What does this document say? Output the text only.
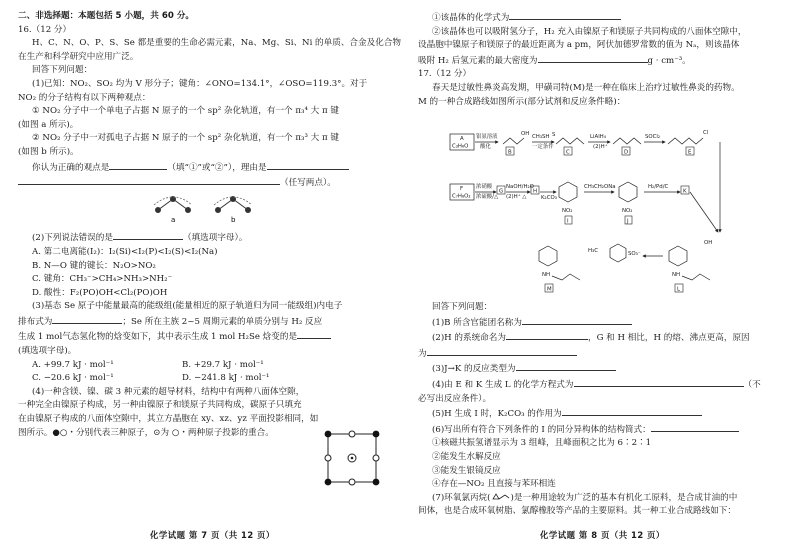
二、非选择题：本题包括 5 小题，共 60 分。

16.（12 分）

H、C、N、O、P、S、Se 都是重要的生命必需元素，Na、Mg、Si、Ni 的单质、合金及化合物

在生产和科学研究中应用广泛。

回答下列问题：

(1)已知：NO₂、SO₂ 均为 V 形分子；键角：∠ONO=134.1°，∠OSO=119.3°。对于

NO₂ 的分子结构有以下两种观点：

① NO₂ 分子中一个单电子占据 N 原子的一个 sp² 杂化轨道，有一个 π₃⁴ 大 π 键

(如图 a 所示)。

② NO₂ 分子中一对孤电子占据 N 原子的一个 sp² 杂化轨道，有一个 π₃³ 大 π 键

(如图 b 所示)。

你认为正确的观点是	（填“①”或“②”），理由是

（任写两点）。

a	b

(2)下列说法错误的是	（填选项字母）。

A. 第二电离能(I₂)：I₂(Si)<I₂(P)<I₂(S)<I₂(Na)

B. N—O 键的键长：N₂O>NO₂

C. 键角：CH₃⁻>CH₄>NH₃>NH₂⁻

D. 酸性：F₂(PO)OH<Cl₂(PO)OH

(3)基态 Se 原子中能量最高的能级组(能量相近的原子轨道归为同一能级组)内电子

排布式为	；Se 所在主族 2~5 周期元素的单质分别与 H₂ 反应

生成 1 mol气态氢化物的焓变如下，其中表示生成 1 mol H₂Se 焓变的是

(填选项字母)。

A. +99.7 kJ · mol⁻¹	B. +29.7 kJ · mol⁻¹
C. −20.6 kJ · mol⁻¹	D. −241.8 kJ · mol⁻¹

(4)一种含镁、镍、碳 3 种元素的超导材料，结构中有两种八面体空隙，

一种完全由镍原子构成，另一种由镍原子和镁原子共同构成，碳原子只填充

在由镍原子构成的八面体空隙中，其立方晶胞在 xy、xz、yz 平面投影相同，如

图所示。●○・分别代表三种原子，⊙为 ○・两种原子投影的重合。

化学试题 第 7 页（共 12 页）

①该晶体的化学式为

②该晶体也可以吸附氢分子，H₂ 充入由镍原子和镁原子共同构成的八面体空隙中，

设晶胞中镍原子和镁原子的最近距离为 a pm，阿伏加德罗常数的值为 Nₐ，则该晶体

吸附 H₂ 后氢元素的最大密度为	g · cm⁻³。

17.（12 分）

春天是过敏性鼻炎高发期，甲磺司特(M)是一种在临床上治疗过敏性鼻炎的药物。

M 的一种合成路线如图所示(部分试剂和反应条件略)：

A
C₃H₆O
银氨溶液
酸化
OH
B
CH₃SH
一定条件
S
C
LiAlH₄
(2)H⁺
D
SOCl₂
Cl
E
F
C₇H₈O₂
浓硝酸
浓硫酸/△
G
NaOH/H₂O
(2)H⁺ △
H
K₂CO₃
NO₂
I
CH₃CH₂ONa
NO₂
J
H₂/Pd/C
K
NH
M
H₃C	SO₃⁻
NH
OH
L

回答下列问题：

(1)B 所含官能团名称为

(2)H 的系统命名为	，G 和 H 相比，H 的熔、沸点更高，原因

为

(3)J→K 的反应类型为

(4)由 E 和 K 生成 L 的化学方程式为	（不

必写出反应条件）。

(5)H 生成 I 时，K₂CO₃ 的作用为

(6)写出所有符合下列条件的 I 的同分异构体的结构简式：

①核磁共振氢谱显示为 3 组峰，且峰面积之比为 6∶2∶1

②能发生水解反应

③能发生银镜反应

④存在—NO₂ 且直接与苯环相连

(7)环氧氯丙烷( )是一种用途较为广泛的基本有机化工原料，是合成甘油的中

间体，也是合成环氧树脂、氯醇橡胶等产品的主要原料。其一种工业合成路线如下：

化学试题 第 8 页（共 12 页）
